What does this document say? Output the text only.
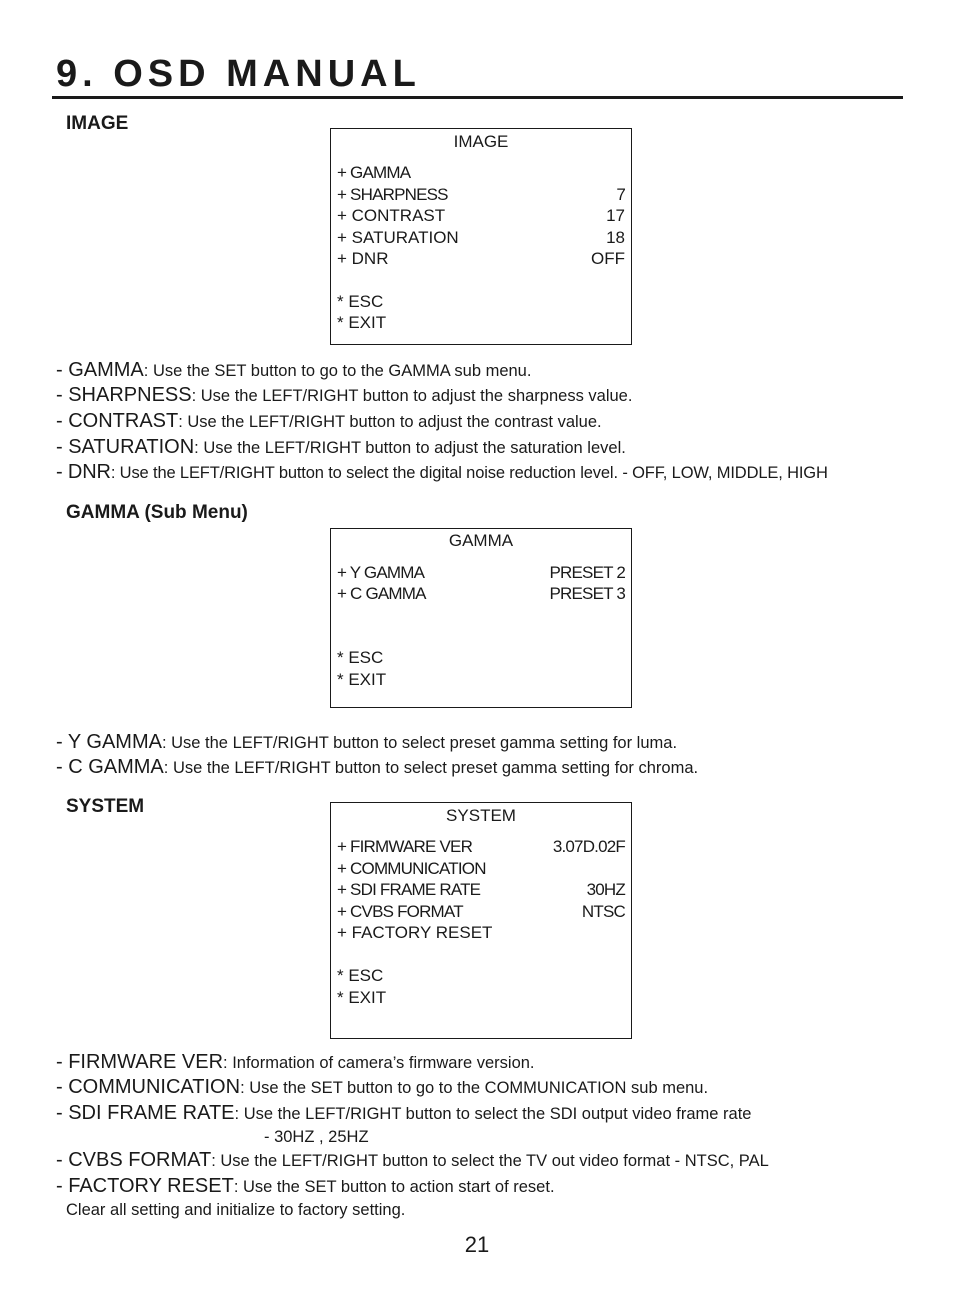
9. OSD MANUAL
IMAGE
IMAGE
+ GAMMA
+ SHARPNESS	7
+ CONTRAST	17
+ SATURATION	18
+ DNR	OFF
* ESC
* EXIT
- GAMMA: Use the SET button to go to the GAMMA sub menu.
- SHARPNESS: Use the LEFT/RIGHT button to adjust the sharpness value.
- CONTRAST: Use the LEFT/RIGHT button to adjust the contrast value.
- SATURATION: Use the LEFT/RIGHT button to adjust the saturation level.
- DNR: Use the LEFT/RIGHT button to select the digital noise reduction level. - OFF, LOW, MIDDLE, HIGH
GAMMA (Sub Menu)
GAMMA
+ Y GAMMA	PRESET 2
+ C GAMMA	PRESET 3
* ESC
* EXIT
- Y GAMMA: Use the LEFT/RIGHT button to select preset gamma setting for luma.
- C GAMMA: Use the LEFT/RIGHT button to select preset gamma setting for chroma.
SYSTEM	SYSTEM
+ FIRMWARE VER	3.07D.02F
+ COMMUNICATION
+ SDI FRAME RATE	30HZ
+ CVBS FORMAT	NTSC
+ FACTORY RESET
* ESC
* EXIT
- FIRMWARE VER: Information of camera’s firmware version.
- COMMUNICATION: Use the SET button to go to the COMMUNICATION sub menu.
- SDI FRAME RATE: Use the LEFT/RIGHT button to select the SDI output video frame rate
- 30HZ , 25HZ
- CVBS FORMAT: Use the LEFT/RIGHT button to select the TV out video format - NTSC, PAL
- FACTORY RESET: Use the SET button to action start of reset.
Clear all setting and initialize to factory setting.
21
